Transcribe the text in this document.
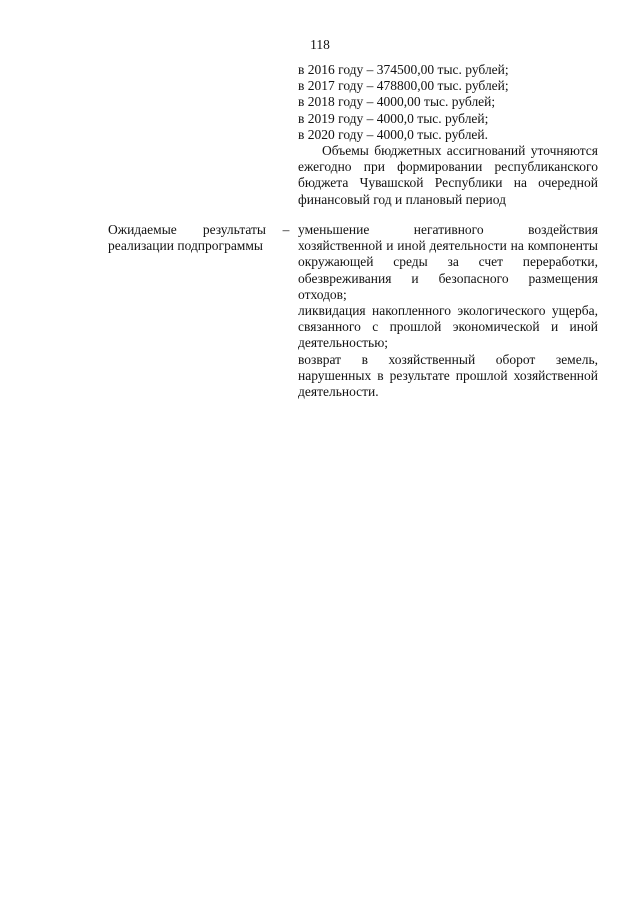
118
в 2016 году – 374500,00 тыс. рублей;
в 2017 году – 478800,00 тыс. рублей;
в 2018 году – 4000,00 тыс. рублей;
в 2019 году – 4000,0 тыс. рублей;
в 2020 году – 4000,0 тыс. рублей.
Объемы бюджетных ассигнований уточняются ежегодно при формировании республиканского бюджета Чувашской Республики на очередной финансовый год и плановый период
Ожидаемые результаты реализации подпрограммы
– уменьшение негативного воздействия хозяйственной и иной деятельности на компоненты окружающей среды за счет переработки, обезвреживания и безопасного размещения отходов;

ликвидация накопленного экологического ущерба, связанного с прошлой экономической и иной деятельностью;

возврат в хозяйственный оборот земель, нарушенных в результате прошлой хозяйственной деятельности.
